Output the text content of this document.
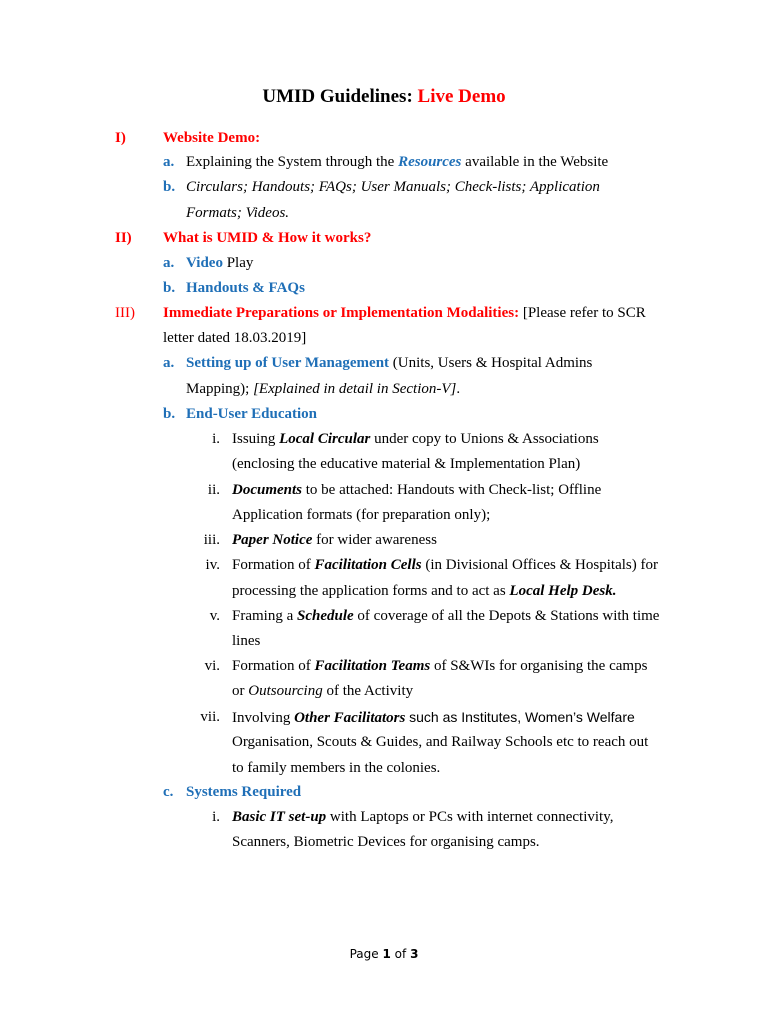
UMID Guidelines: Live Demo
I) Website Demo:
a. Explaining the System through the Resources available in the Website
b. Circulars; Handouts; FAQs; User Manuals; Check-lists; Application
Formats; Videos.
II) What is UMID & How it works?
a. Video Play
b. Handouts & FAQs
III) Immediate Preparations or Implementation Modalities: [Please refer to SCR
letter dated 18.03.2019]
a. Setting up of User Management (Units, Users & Hospital Admins
Mapping); [Explained in detail in Section-V].
b. End-User Education
i. Issuing Local Circular under copy to Unions & Associations
(enclosing the educative material & Implementation Plan)
ii. Documents to be attached: Handouts with Check-list; Offline
Application formats (for preparation only);
iii. Paper Notice for wider awareness
iv. Formation of Facilitation Cells (in Divisional Offices & Hospitals) for
processing the application forms and to act as Local Help Desk.
v. Framing a Schedule of coverage of all the Depots & Stations with time
lines
vi. Formation of Facilitation Teams of S&WIs for organising the camps
or Outsourcing of the Activity
vii. Involving Other Facilitators such as Institutes, Women’s Welfare
Organisation, Scouts & Guides, and Railway Schools etc to reach out
to family members in the colonies.
c. Systems Required
i. Basic IT set-up with Laptops or PCs with internet connectivity,
Scanners, Biometric Devices for organising camps.
Page 1 of 3
